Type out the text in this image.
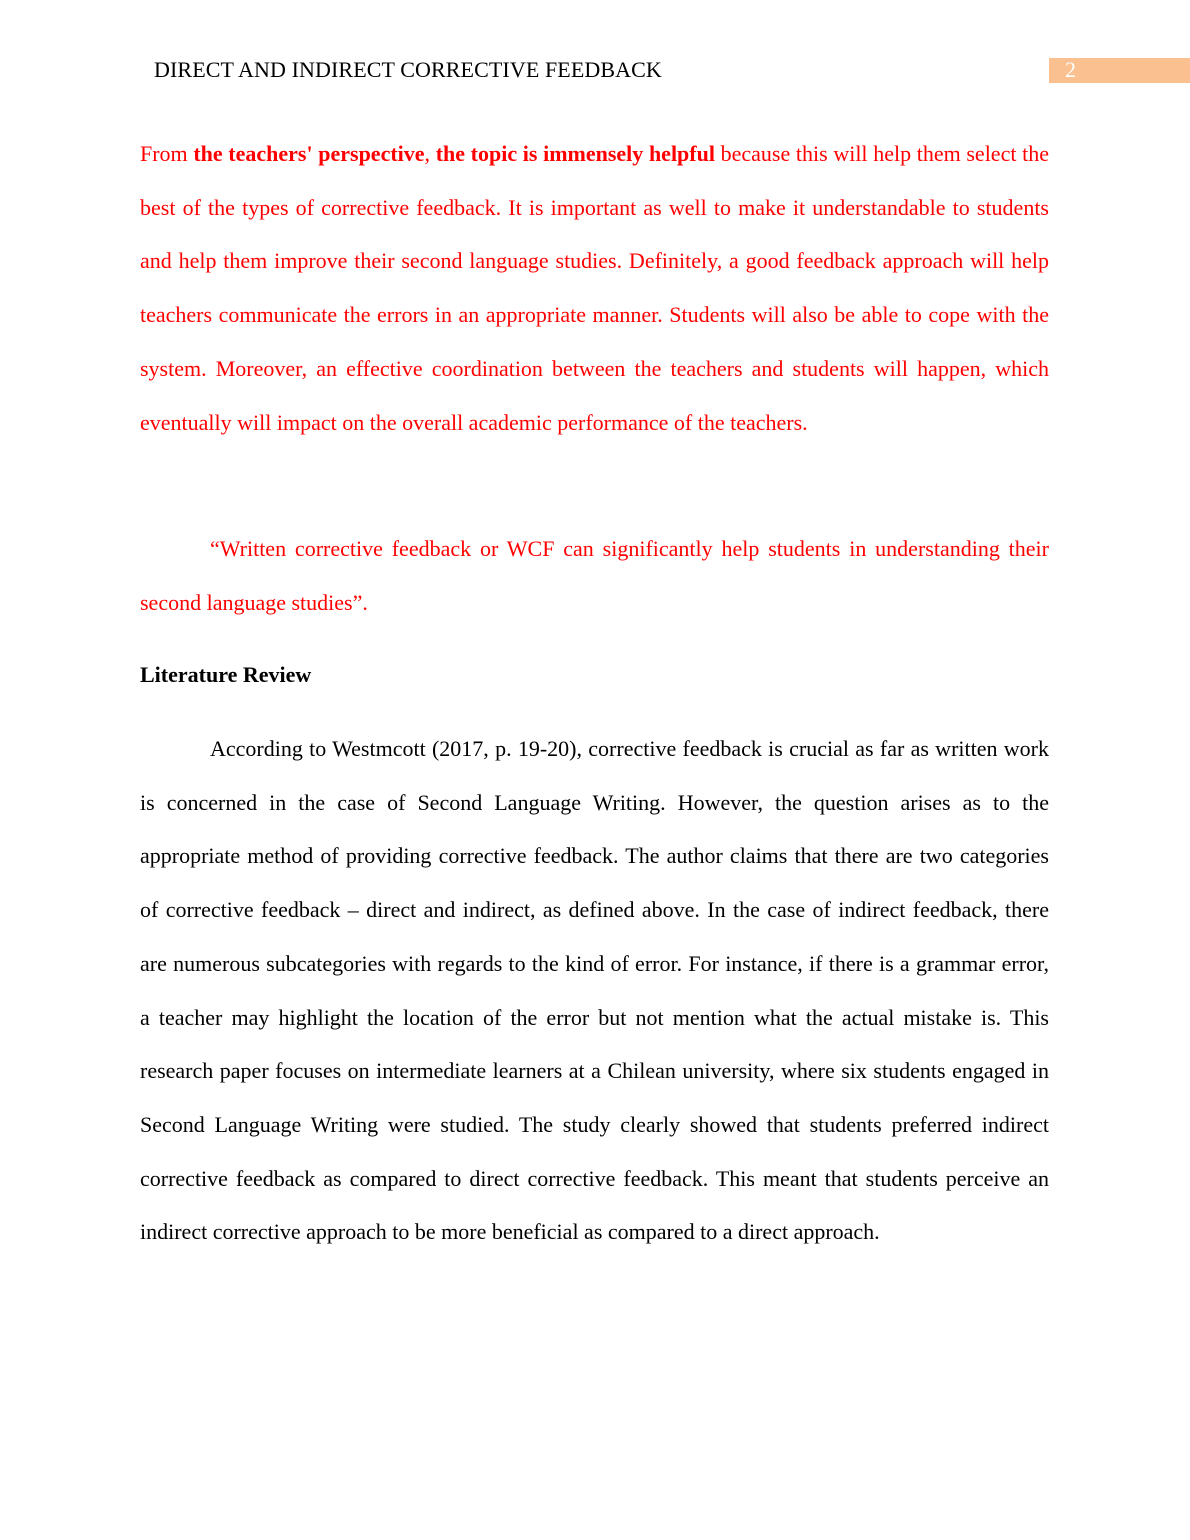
DIRECT AND INDIRECT CORRECTIVE FEEDBACK	2

From the teachers' perspective, the topic is immensely helpful because this will help them select the best of the types of corrective feedback. It is important as well to make it understandable to students and help them improve their second language studies. Definitely, a good feedback approach will help teachers communicate the errors in an appropriate manner. Students will also be able to cope with the system. Moreover, an effective coordination between the teachers and students will happen, which eventually will impact on the overall academic performance of the teachers.

“Written corrective feedback or WCF can significantly help students in understanding their second language studies”.

Literature Review

According to Westmcott (2017, p. 19-20), corrective feedback is crucial as far as written work is concerned in the case of Second Language Writing. However, the question arises as to the appropriate method of providing corrective feedback. The author claims that there are two categories of corrective feedback – direct and indirect, as defined above. In the case of indirect feedback, there are numerous subcategories with regards to the kind of error. For instance, if there is a grammar error, a teacher may highlight the location of the error but not mention what the actual mistake is. This research paper focuses on intermediate learners at a Chilean university, where six students engaged in Second Language Writing were studied. The study clearly showed that students preferred indirect corrective feedback as compared to direct corrective feedback. This meant that students perceive an indirect corrective approach to be more beneficial as compared to a direct approach.
